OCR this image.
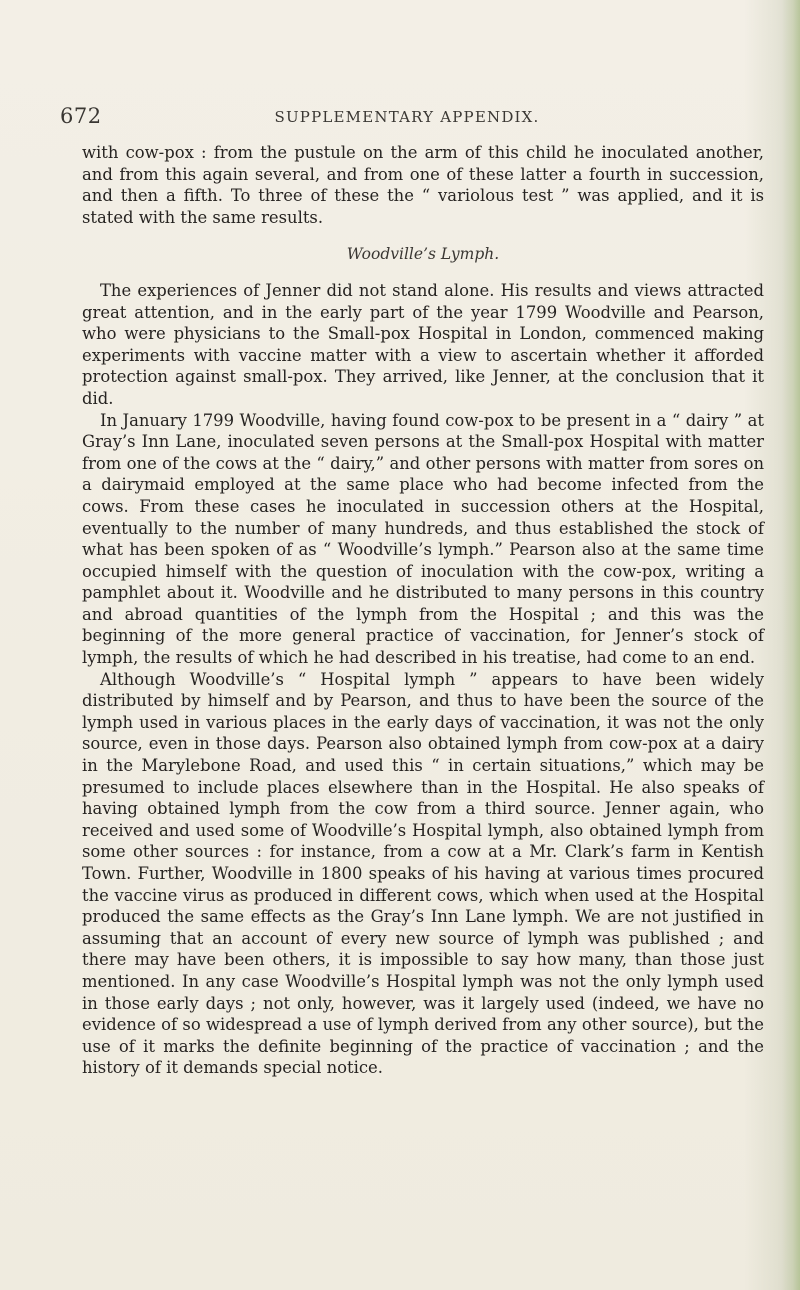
672	SUPPLEMENTARY APPENDIX.

with cow-pox : from the pustule on the arm of this child he inoculated another, and from this again several, and from one of these latter a fourth in succession, and then a fifth. To three of these the “ variolous test ” was applied, and it is stated with the same results.

Woodville’s Lymph.

The experiences of Jenner did not stand alone. His results and views attracted great attention, and in the early part of the year 1799 Woodville and Pearson, who were physicians to the Small-pox Hospital in London, commenced making experiments with vaccine matter with a view to ascertain whether it afforded protection against small-pox. They arrived, like Jenner, at the conclusion that it did.

In January 1799 Woodville, having found cow-pox to be present in a “ dairy ” at Gray’s Inn Lane, inoculated seven persons at the Small-pox Hospital with matter from one of the cows at the “ dairy,” and other persons with matter from sores on a dairymaid employed at the same place who had become infected from the cows. From these cases he inoculated in succession others at the Hospital, eventually to the number of many hundreds, and thus established the stock of what has been spoken of as “ Woodville’s lymph.” Pearson also at the same time occupied himself with the question of inoculation with the cow-pox, writing a pamphlet about it. Woodville and he distributed to many persons in this country and abroad quantities of the lymph from the Hospital ; and this was the beginning of the more general practice of vaccination, for Jenner’s stock of lymph, the results of which he had described in his treatise, had come to an end.

Although Woodville’s “ Hospital lymph ” appears to have been widely distributed by himself and by Pearson, and thus to have been the source of the lymph used in various places in the early days of vaccination, it was not the only source, even in those days. Pearson also obtained lymph from cow-pox at a dairy in the Marylebone Road, and used this “ in certain situations,” which may be presumed to include places elsewhere than in the Hospital. He also speaks of having obtained lymph from the cow from a third source. Jenner again, who received and used some of Woodville’s Hospital lymph, also obtained lymph from some other sources : for instance, from a cow at a Mr. Clark’s farm in Kentish Town. Further, Woodville in 1800 speaks of his having at various times procured the vaccine virus as produced in different cows, which when used at the Hospital produced the same effects as the Gray’s Inn Lane lymph. We are not justified in assuming that an account of every new source of lymph was published ; and there may have been others, it is impossible to say how many, than those just mentioned. In any case Woodville’s Hospital lymph was not the only lymph used in those early days ; not only, however, was it largely used (indeed, we have no evidence of so widespread a use of lymph derived from any other source), but the use of it marks the definite beginning of the practice of vaccination ; and the history of it demands special notice.
